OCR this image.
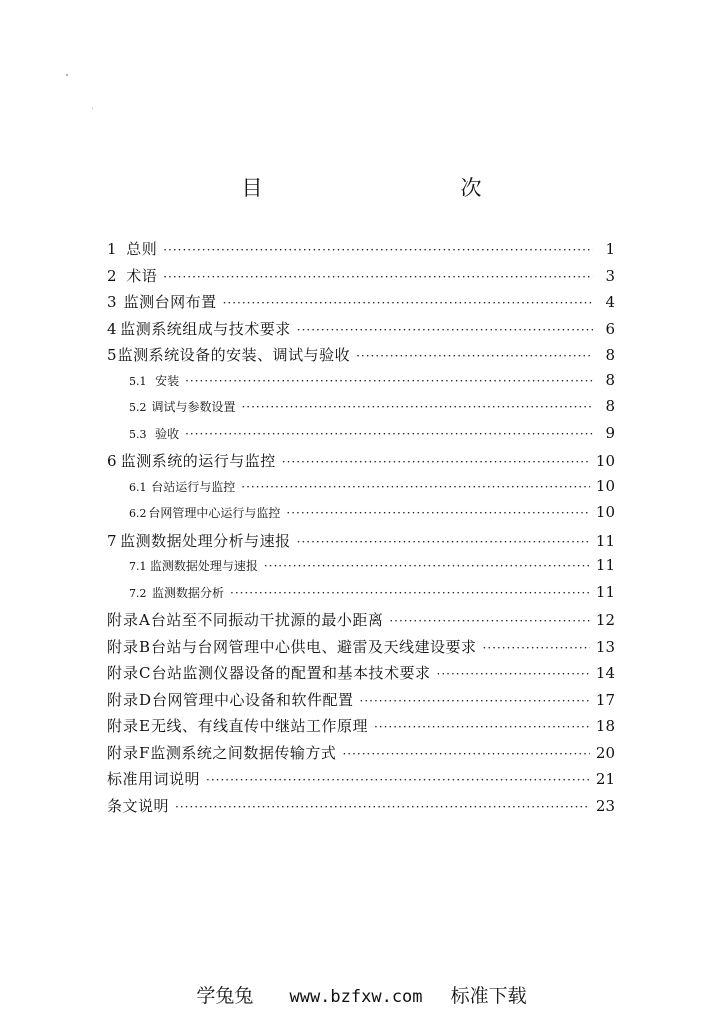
目　　次
1 总则 ·····	1
2 术语 ·····	3
3 监测台网布置 ·····	4
4 监测系统组成与技术要求 ·····	6
5 监测系统设备的安装、调试与验收 ·····	8
5.1 安装 ·····	8
5.2 调试与参数设置 ·····	8
5.3 验收 ·····	9
6 监测系统的运行与监控 ·····	10
6.1 台站运行与监控 ·····	10
6.2 台网管理中心运行与监控 ·····	10
7 监测数据处理分析与速报 ·····	11
7.1 监测数据处理与速报 ·····	11
7.2 监测数据分析 ·····	11
附录A 台站至不同振动干扰源的最小距离 ·····	12
附录B 台站与台网管理中心供电、避雷及天线建设要求 ·····	13
附录C 台站监测仪器设备的配置和基本技术要求 ·····	14
附录D 台网管理中心设备和软件配置 ·····	17
附录E 无线、有线直传中继站工作原理 ·····	18
附录F 监测系统之间数据传输方式 ·····	20
标准用词说明 ·····	21
条文说明 ·····	23
学兔兔 www.bzfxw.com 标准下载
